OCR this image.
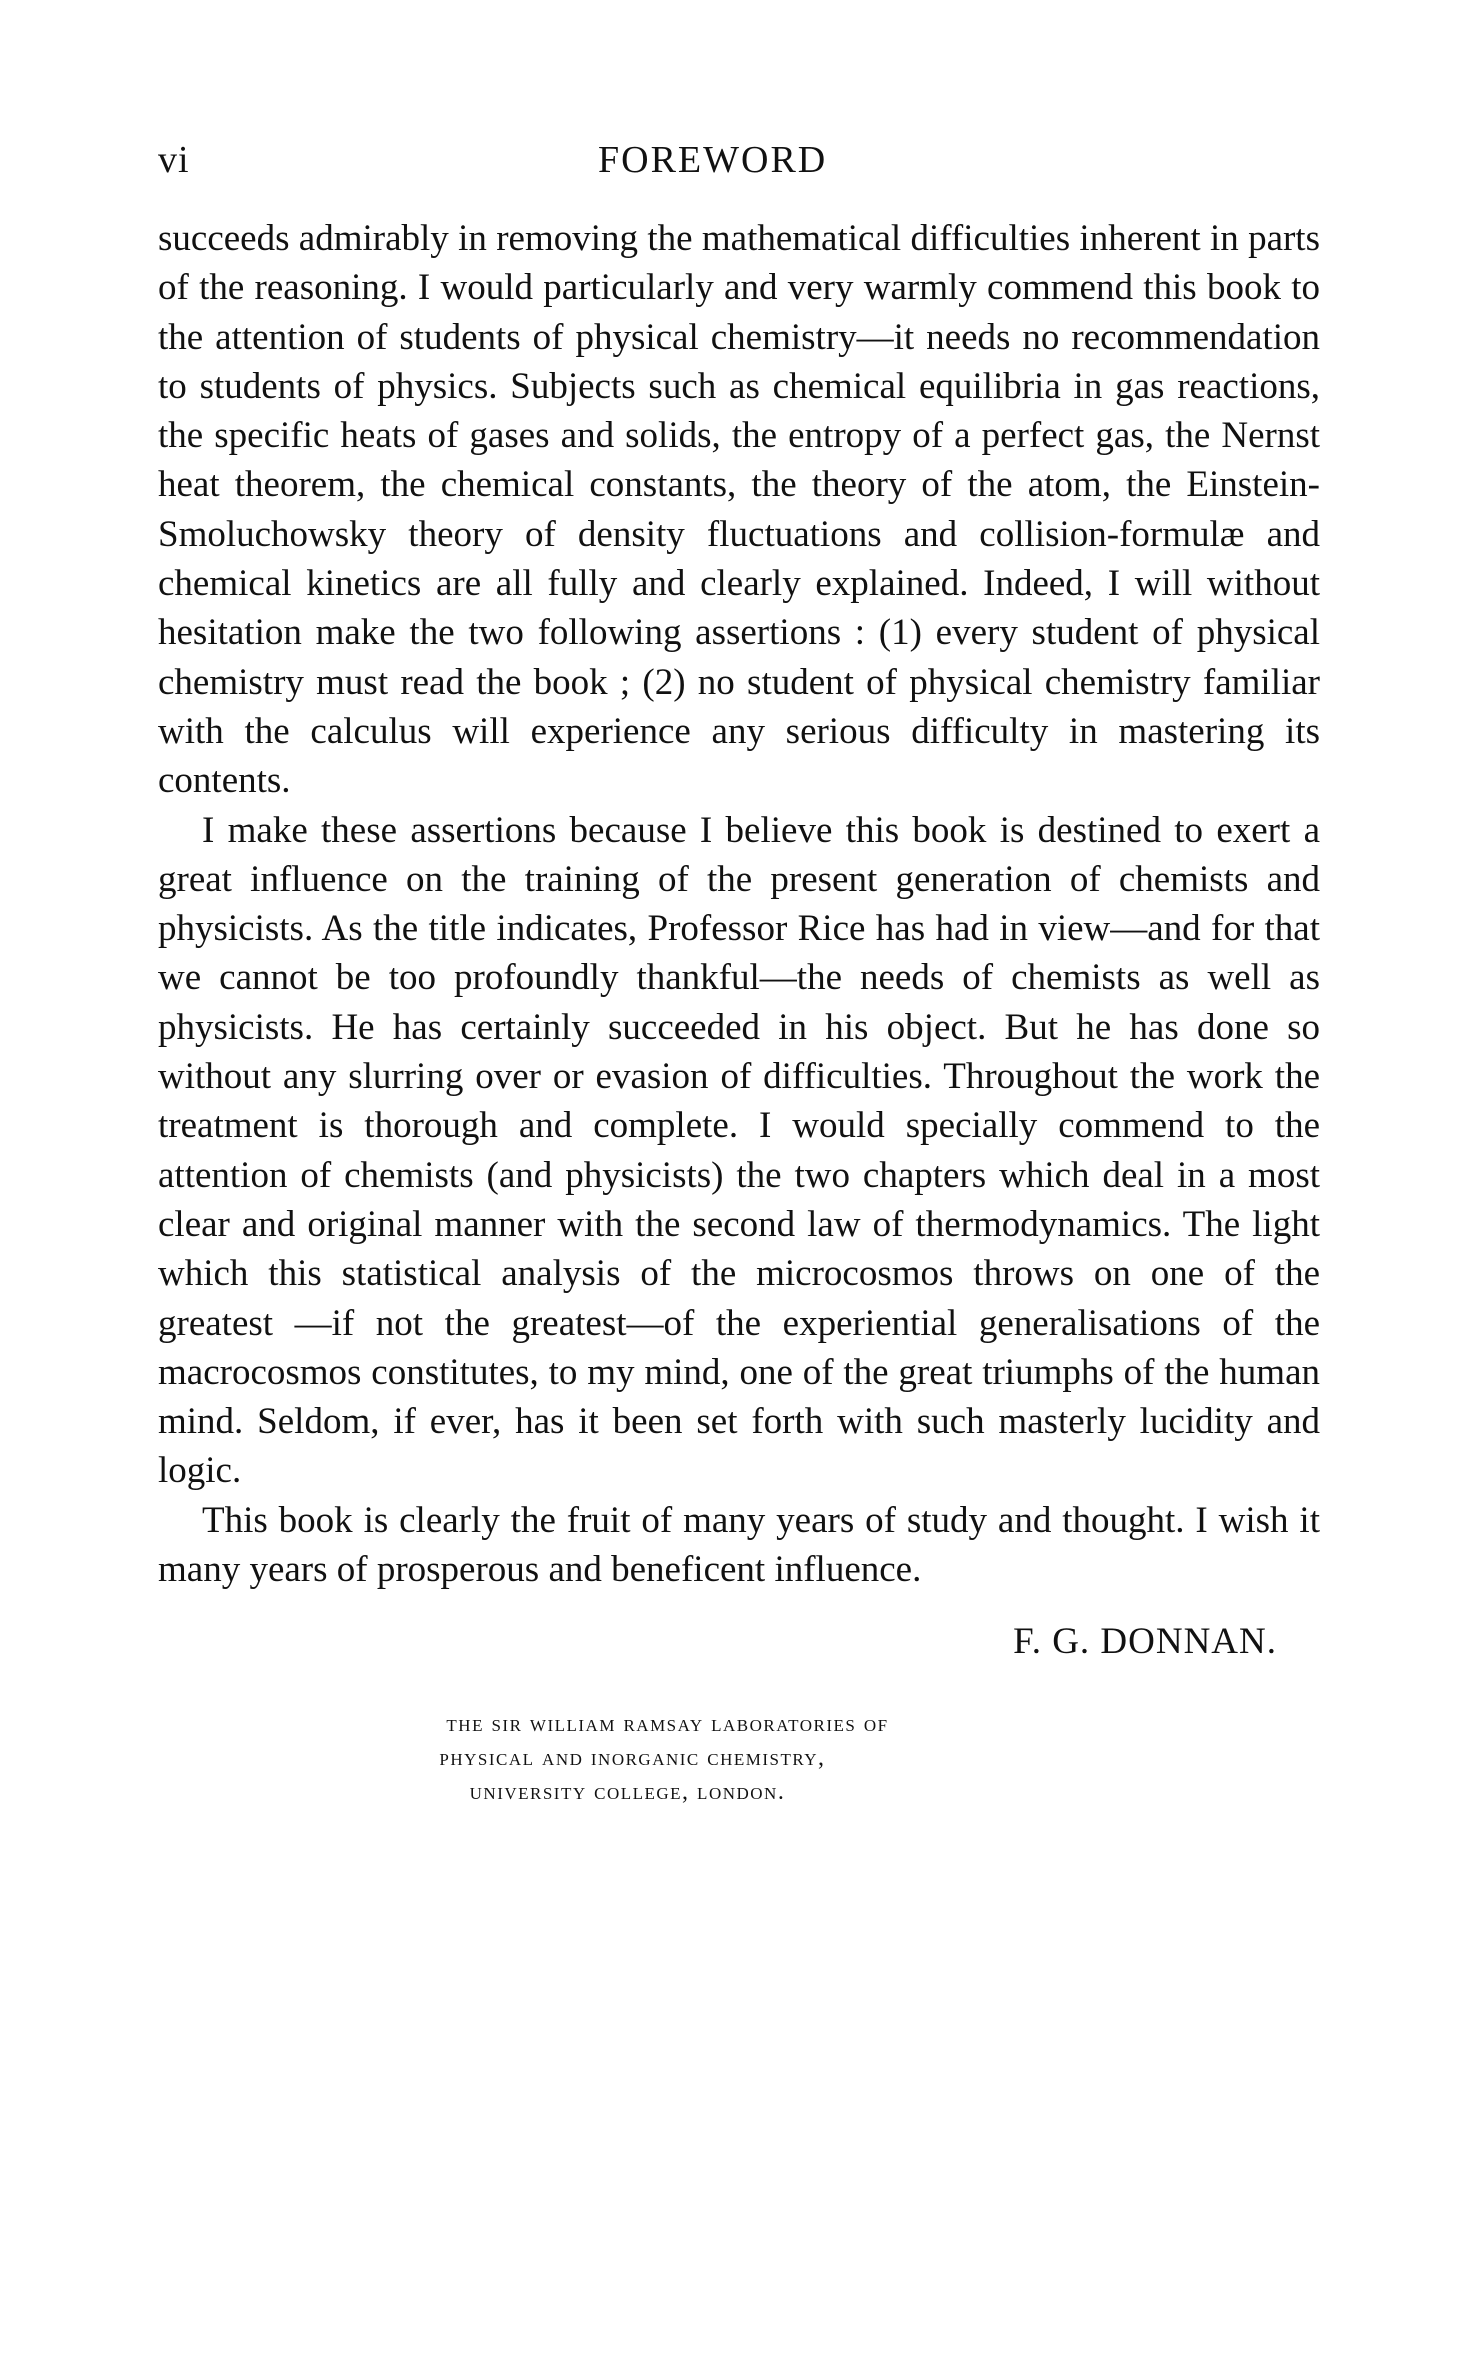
vi	FOREWORD

succeeds admirably in removing the mathematical difficulties inherent in parts of the reasoning. I would particularly and very warmly commend this book to the attention of students of physical chemistry—it needs no recommendation to students of physics. Subjects such as chemical equilibria in gas reactions, the specific heats of gases and solids, the entropy of a perfect gas, the Nernst heat theorem, the chemical constants, the theory of the atom, the Einstein-Smoluchowsky theory of density fluctuations and collision-formulæ and chemical kinetics are all fully and clearly explained. Indeed, I will without hesitation make the two following assertions : (1) every student of physical chemistry must read the book ; (2) no student of physical chemistry familiar with the calculus will experience any serious difficulty in mastering its contents.

I make these assertions because I believe this book is destined to exert a great influence on the training of the present generation of chemists and physicists. As the title indicates, Professor Rice has had in view—and for that we cannot be too profoundly thankful—the needs of chemists as well as physicists. He has certainly succeeded in his object. But he has done so without any slurring over or evasion of difficulties. Throughout the work the treatment is thorough and complete. I would specially commend to the attention of chemists (and physicists) the two chapters which deal in a most clear and original manner with the second law of thermodynamics. The light which this statistical analysis of the microcosmos throws on one of the greatest —if not the greatest—of the experiential generalisations of the macrocosmos constitutes, to my mind, one of the great triumphs of the human mind. Seldom, if ever, has it been set forth with such masterly lucidity and logic.

This book is clearly the fruit of many years of study and thought. I wish it many years of prosperous and beneficent influence.

F. G. DONNAN.
the sir william ramsay laboratories of
physical and inorganic chemistry,
university college, london.
